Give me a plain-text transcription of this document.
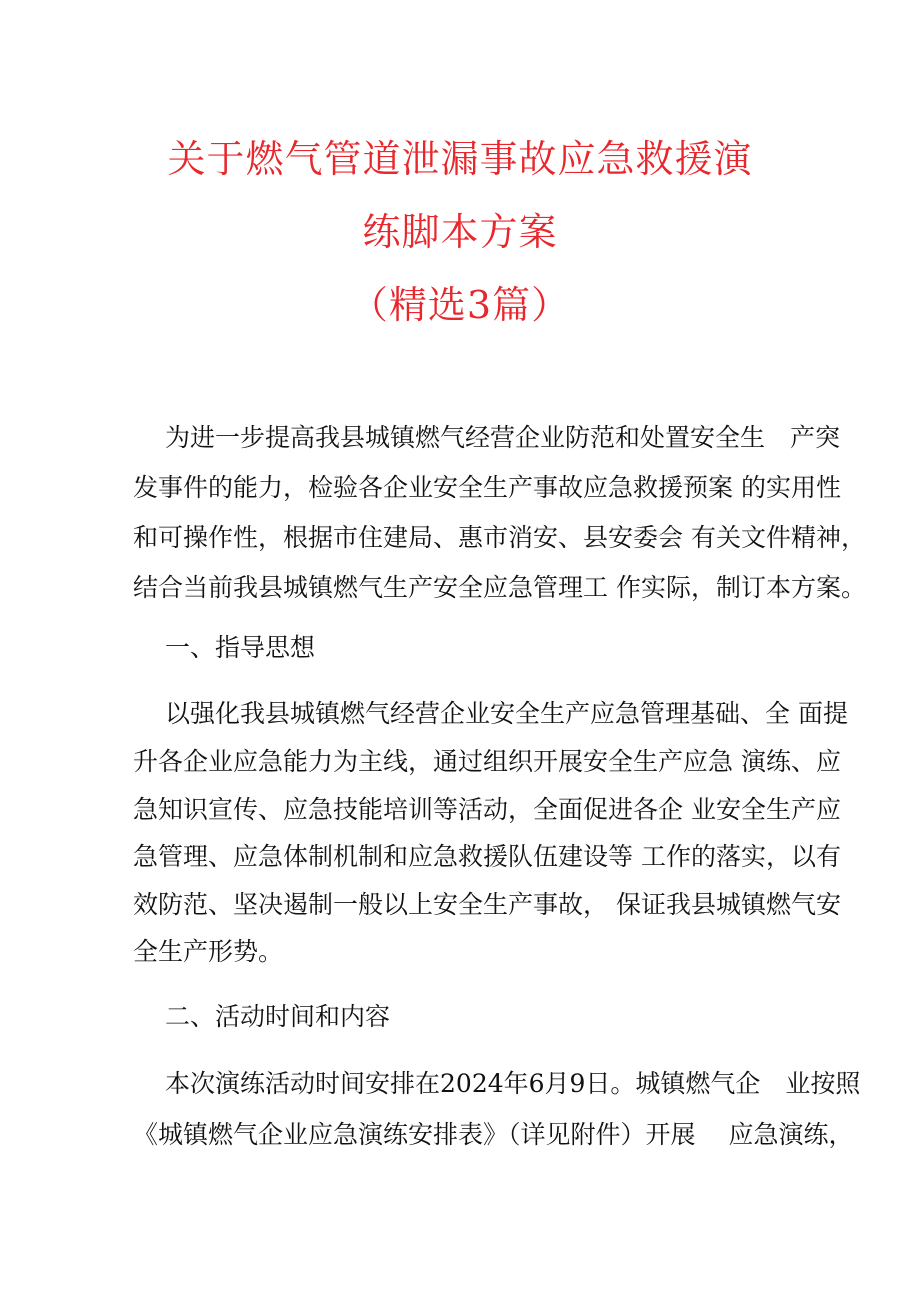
关于燃气管道泄漏事故应急救援演
练脚本方案
（精选3篇）
为进一步提高我县城镇燃气经营企业防范和处置安全生　产突
发事件的能力，检验各企业安全生产事故应急救援预案 的实用性
和可操作性，根据市住建局、惠市消安、县安委会 有关文件精神，
结合当前我县城镇燃气生产安全应急管理工 作实际，制订本方案。
一、指导思想
以强化我县城镇燃气经营企业安全生产应急管理基础、全 面提
升各企业应急能力为主线，通过组织开展安全生产应急 演练、应
急知识宣传、应急技能培训等活动，全面促进各企 业安全生产应
急管理、应急体制机制和应急救援队伍建设等 工作的落实，以有
效防范、坚决遏制一般以上安全生产事故， 保证我县城镇燃气安
全生产形势。
二、活动时间和内容
本次演练活动时间安排在2024年6月9日。城镇燃气企　业按照
《城镇燃气企业应急演练安排表》（详见附件）开展　 应急演练，
